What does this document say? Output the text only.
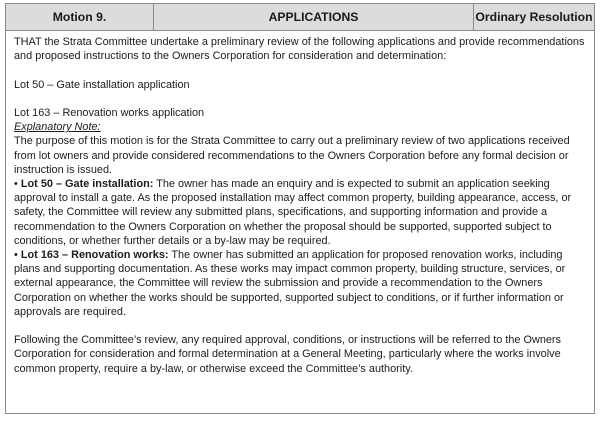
Motion 9.	APPLICATIONS	Ordinary Resolution

THAT the Strata Committee undertake a preliminary review of the following applications and provide recommendations and proposed instructions to the Owners Corporation for consideration and determination:

Lot 50 – Gate installation application

Lot 163 – Renovation works application

Explanatory Note:

The purpose of this motion is for the Strata Committee to carry out a preliminary review of two applications received from lot owners and provide considered recommendations to the Owners Corporation before any formal decision or instruction is issued.

• Lot 50 – Gate installation: The owner has made an enquiry and is expected to submit an application seeking approval to install a gate. As the proposed installation may affect common property, building appearance, access, or safety, the Committee will review any submitted plans, specifications, and supporting information and provide a recommendation to the Owners Corporation on whether the proposal should be supported, supported subject to conditions, or whether further details or a by-law may be required.

• Lot 163 – Renovation works: The owner has submitted an application for proposed renovation works, including plans and supporting documentation. As these works may impact common property, building structure, services, or external appearance, the Committee will review the submission and provide a recommendation to the Owners Corporation on whether the works should be supported, supported subject to conditions, or if further information or approvals are required.

Following the Committee’s review, any required approval, conditions, or instructions will be referred to the Owners Corporation for consideration and formal determination at a General Meeting, particularly where the works involve common property, require a by-law, or otherwise exceed the Committee’s authority.
